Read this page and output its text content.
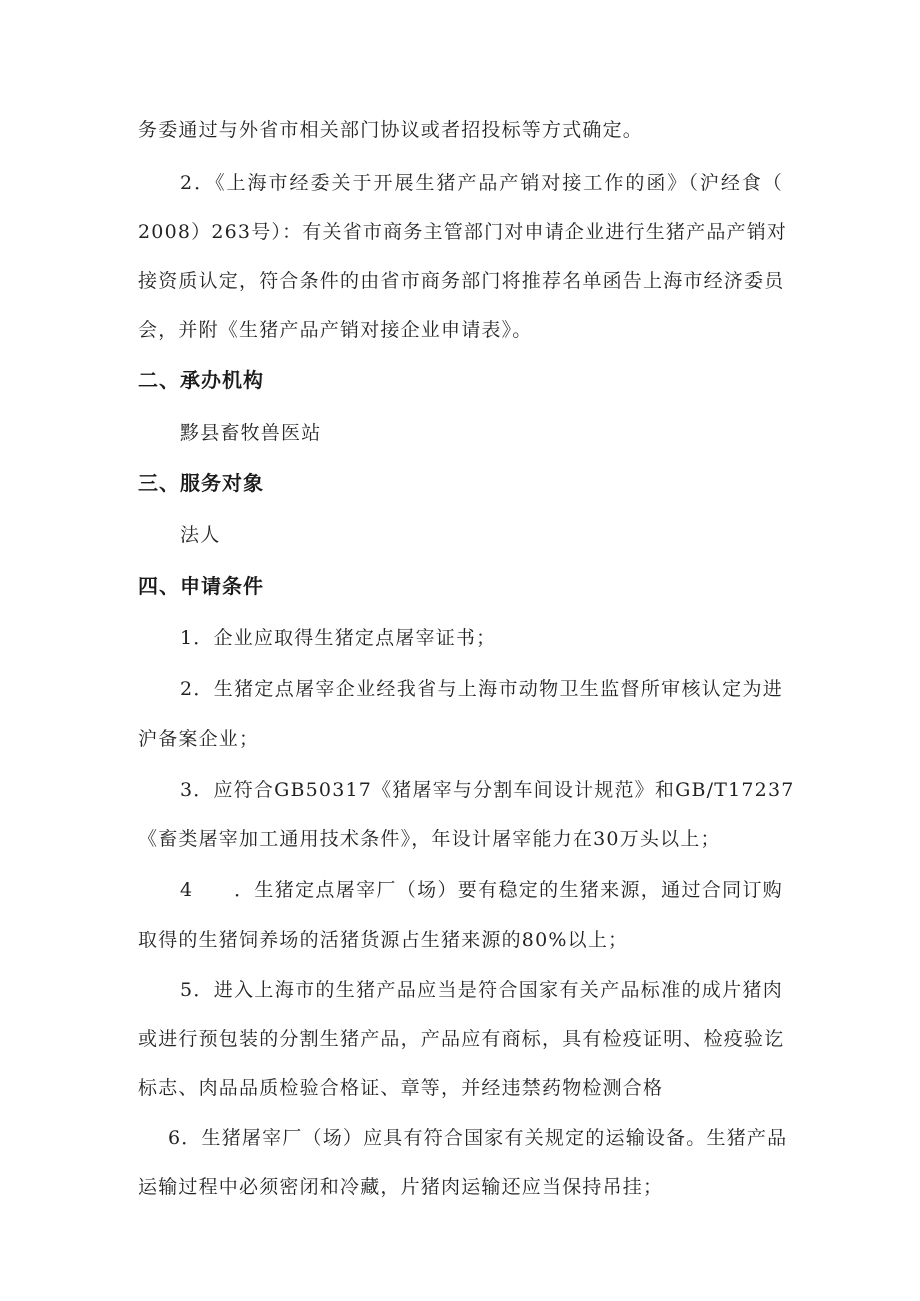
务委通过与外省市相关部门协议或者招投标等方式确定。
2．《上海市经委关于开展生猪产品产销对接工作的函》（沪经食（
2008）263号）：有关省市商务主管部门对申请企业进行生猪产品产销对
接资质认定，符合条件的由省市商务部门将推荐名单函告上海市经济委员
会，并附《生猪产品产销对接企业申请表》。
二、承办机构
黟县畜牧兽医站
三、服务对象
法人
四、申请条件
1．企业应取得生猪定点屠宰证书；
2．生猪定点屠宰企业经我省与上海市动物卫生监督所审核认定为进
沪备案企业；
3．应符合GB50317《猪屠宰与分割车间设计规范》和GB/T17237
《畜类屠宰加工通用技术条件》，年设计屠宰能力在30万头以上；
4　　．生猪定点屠宰厂（场）要有稳定的生猪来源，通过合同订购
取得的生猪饲养场的活猪货源占生猪来源的80%以上；
5．进入上海市的生猪产品应当是符合国家有关产品标准的成片猪肉
或进行预包装的分割生猪产品，产品应有商标，具有检疫证明、检疫验讫
标志、肉品品质检验合格证、章等，并经违禁药物检测合格
6．生猪屠宰厂（场）应具有符合国家有关规定的运输设备。生猪产品
运输过程中必须密闭和冷藏，片猪肉运输还应当保持吊挂；
